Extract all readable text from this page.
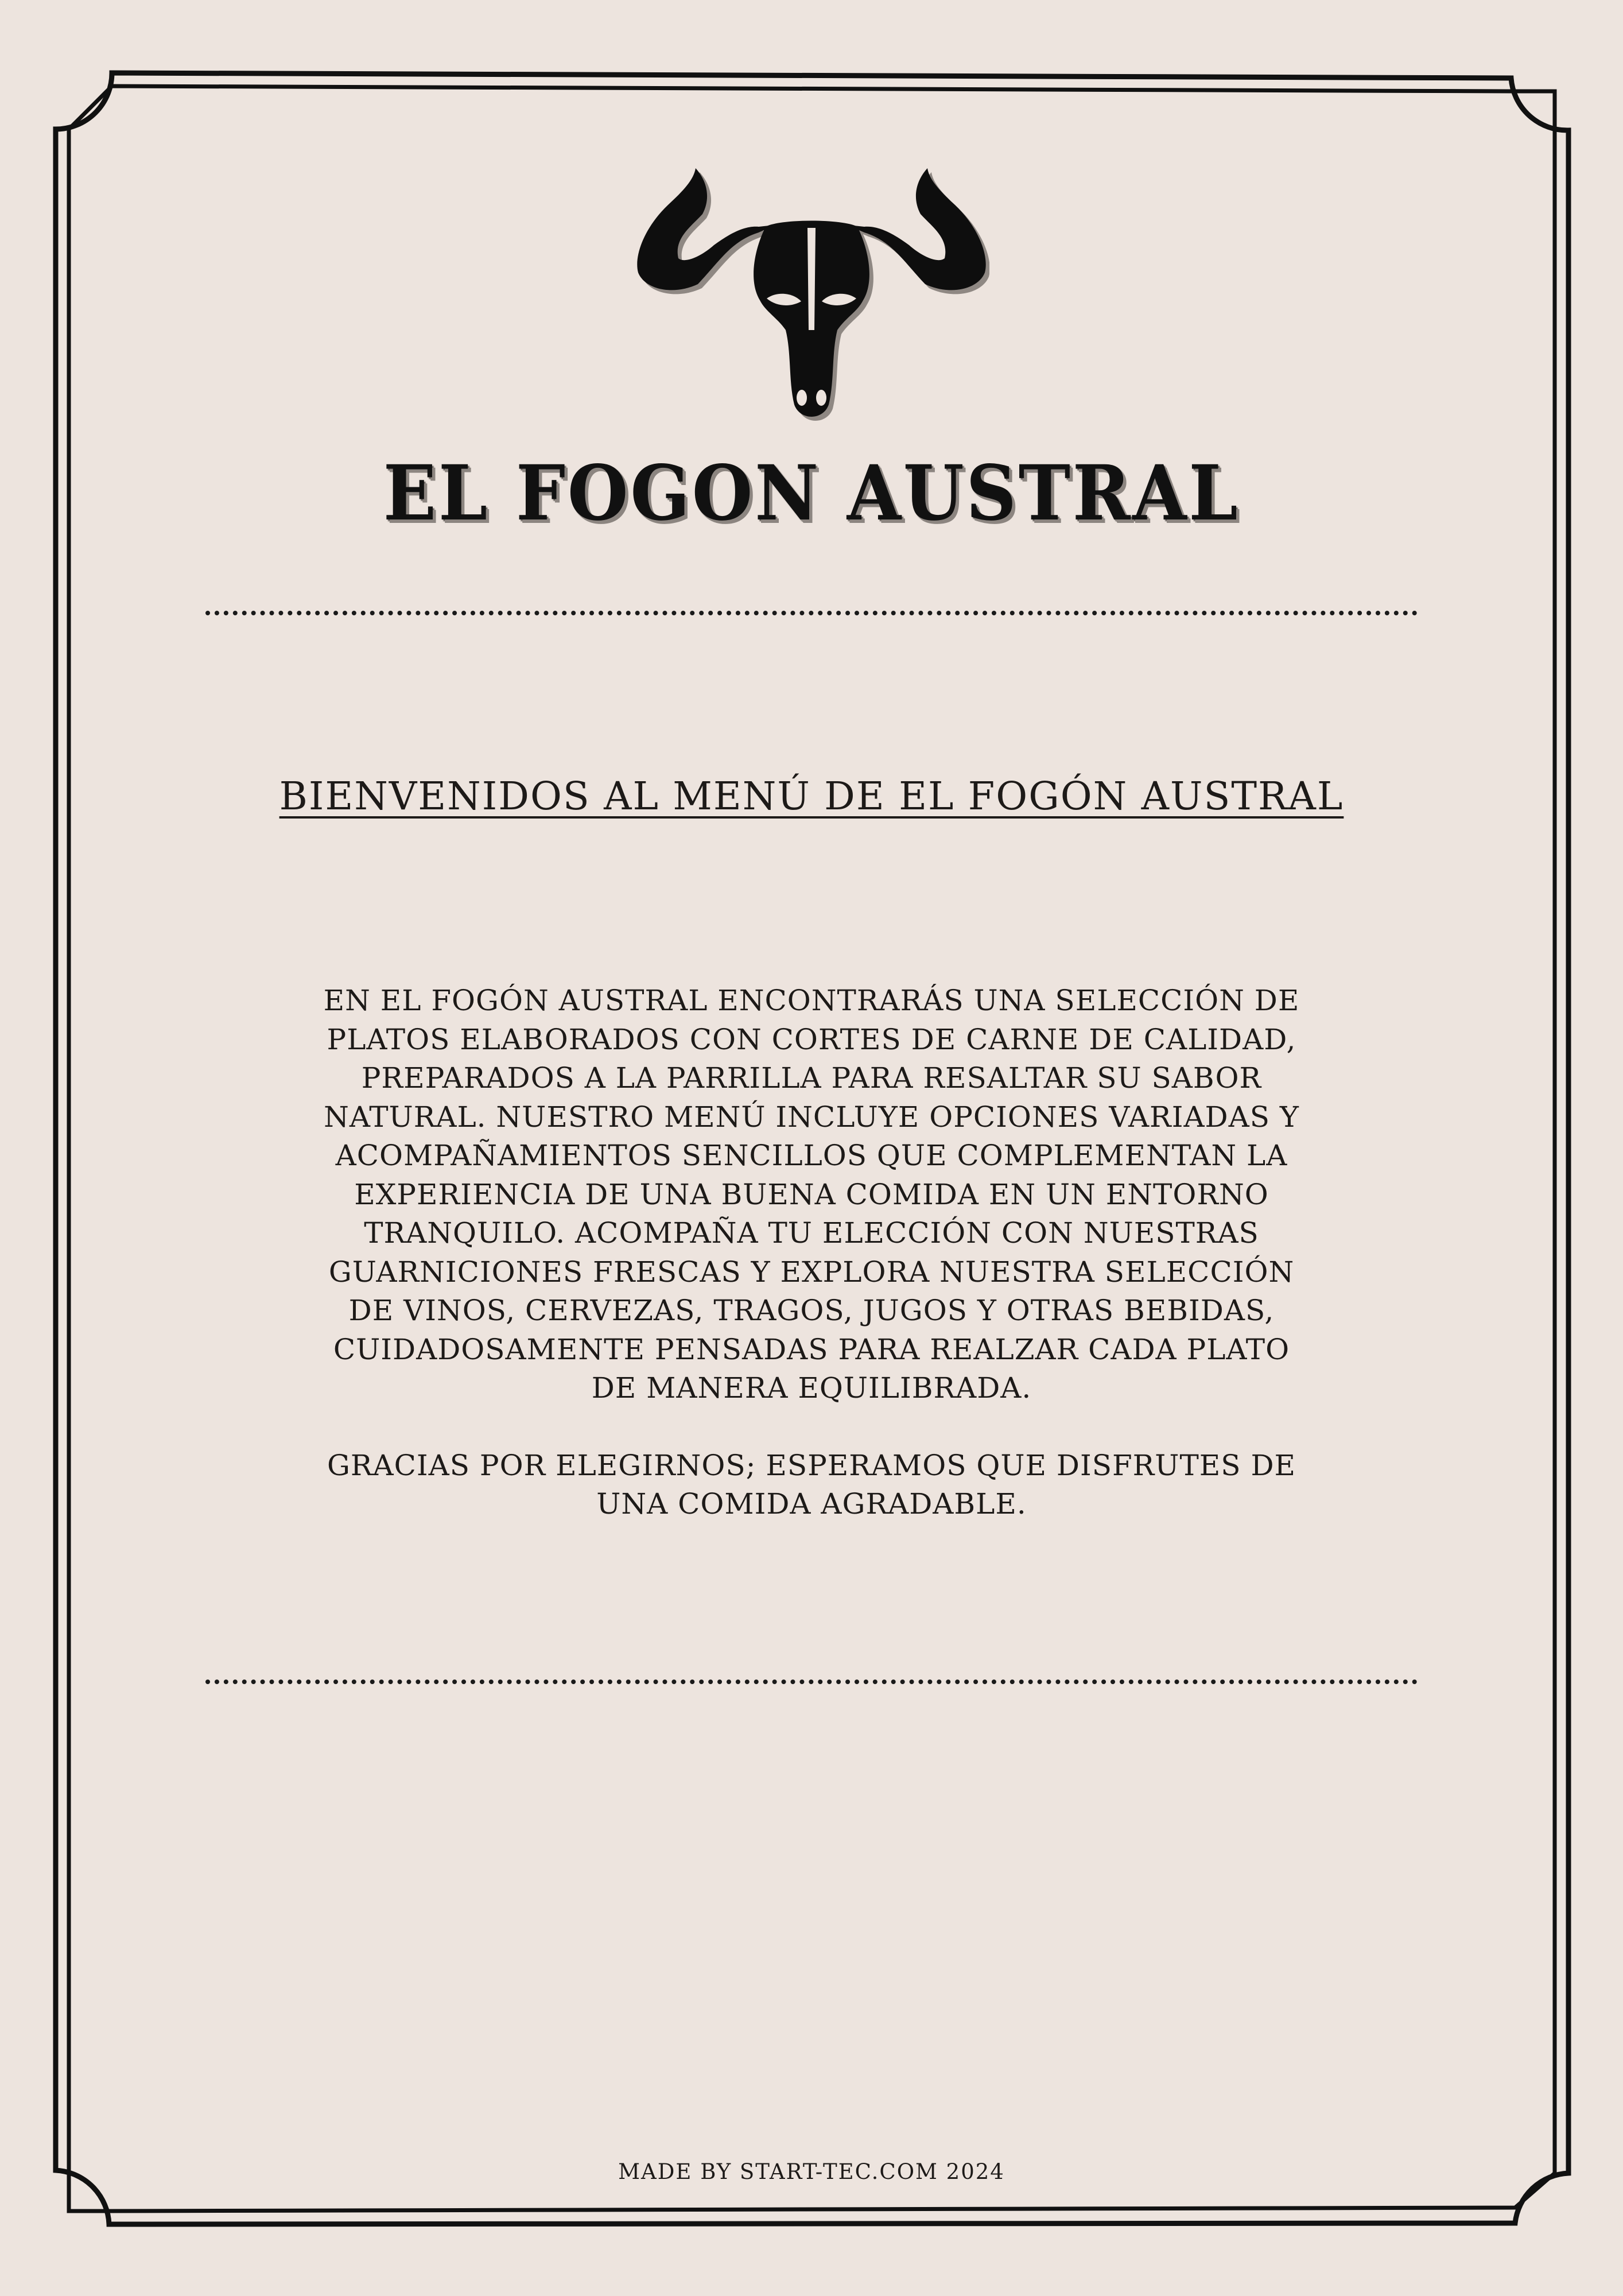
EL FOGON AUSTRAL
BIENVENIDOS AL MENÚ DE EL FOGÓN AUSTRAL

EN EL FOGÓN AUSTRAL ENCONTRARÁS UNA SELECCIÓN DE PLATOS ELABORADOS CON CORTES DE CARNE DE CALIDAD, PREPARADOS A LA PARRILLA PARA RESALTAR SU SABOR NATURAL. NUESTRO MENÚ INCLUYE OPCIONES VARIADAS Y ACOMPAÑAMIENTOS SENCILLOS QUE COMPLEMENTAN LA EXPERIENCIA DE UNA BUENA COMIDA EN UN ENTORNO TRANQUILO. ACOMPAÑA TU ELECCIÓN CON NUESTRAS GUARNICIONES FRESCAS Y EXPLORA NUESTRA SELECCIÓN DE VINOS, CERVEZAS, TRAGOS, JUGOS Y OTRAS BEBIDAS, CUIDADOSAMENTE PENSADAS PARA REALZAR CADA PLATO DE MANERA EQUILIBRADA.

GRACIAS POR ELEGIRNOS; ESPERAMOS QUE DISFRUTES DE UNA COMIDA AGRADABLE.

MADE BY START-TEC.COM 2024
